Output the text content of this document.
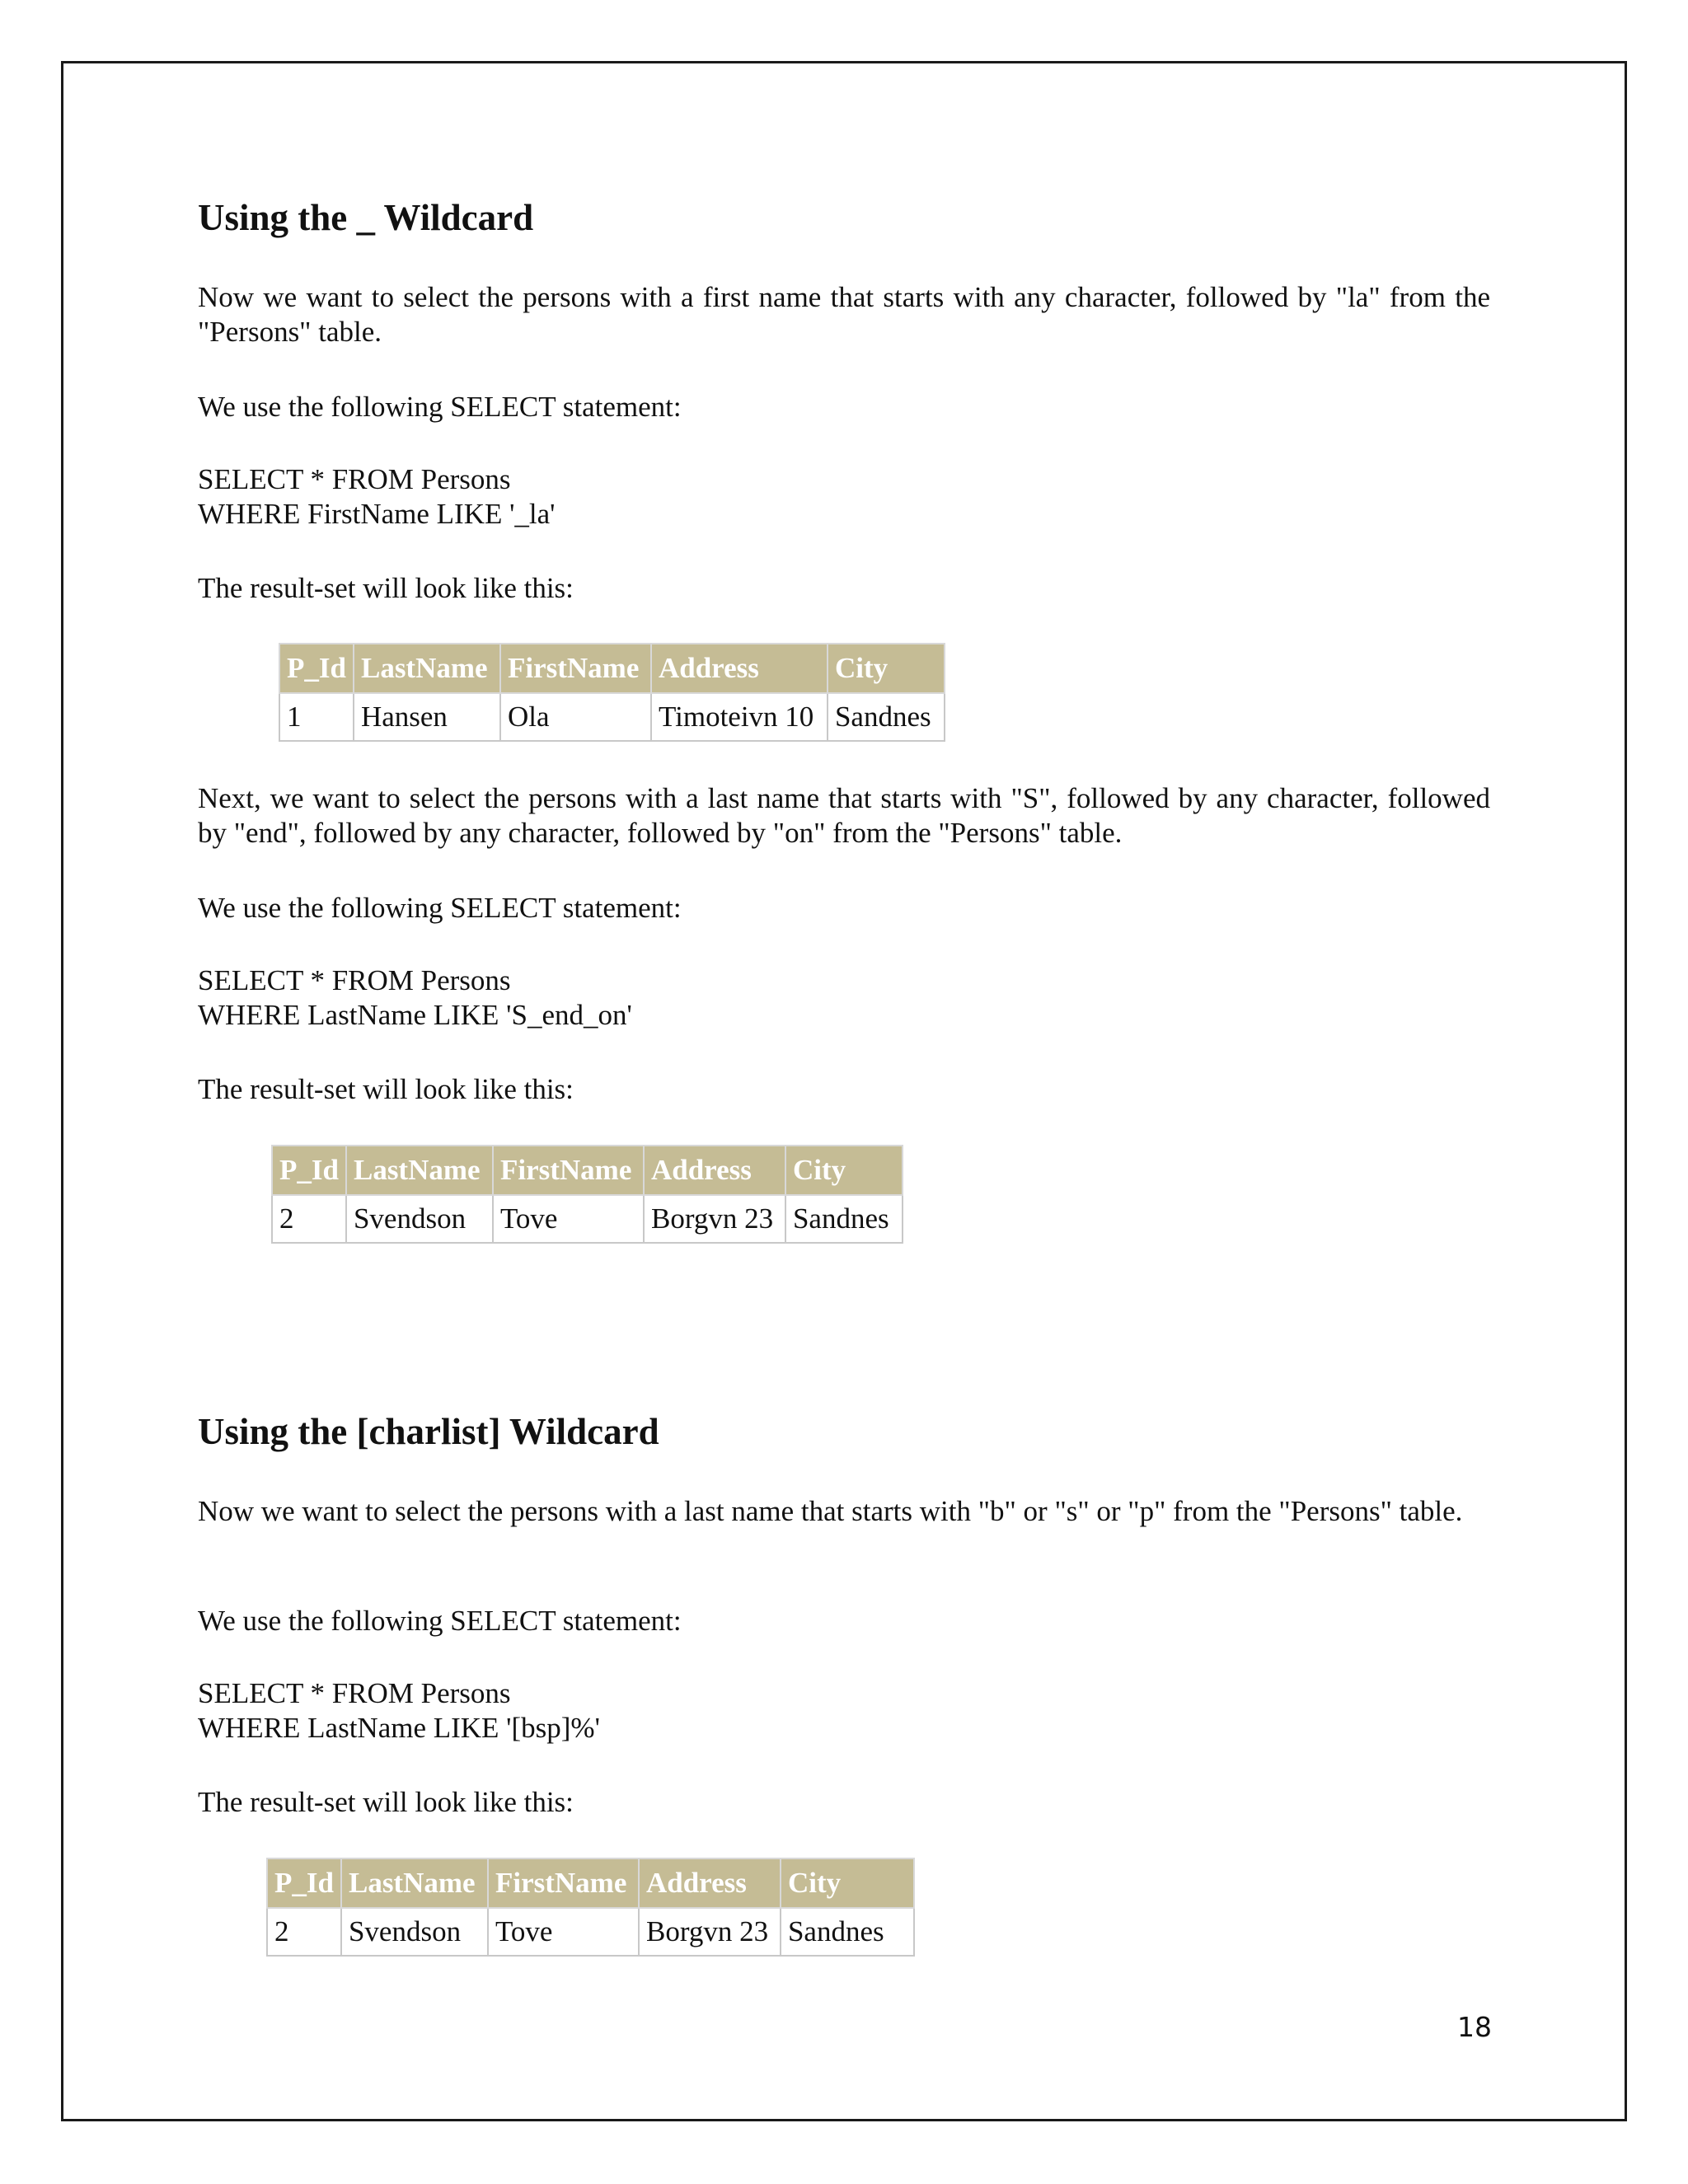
Using the _ Wildcard

Now we want to select the persons with a first name that starts with any character, followed by "la" from the "Persons" table.

We use the following SELECT statement:

SELECT * FROM Persons
WHERE FirstName LIKE '_la'

The result-set will look like this:

P_Id	LastName	FirstName	Address	City
1	Hansen	Ola	Timoteivn 10	Sandnes

Next, we want to select the persons with a last name that starts with "S", followed by any character, followed by "end", followed by any character, followed by "on" from the "Persons" table.

We use the following SELECT statement:

SELECT * FROM Persons
WHERE LastName LIKE 'S_end_on'

The result-set will look like this:

P_Id	LastName	FirstName	Address	City
2	Svendson	Tove	Borgvn 23	Sandnes
Using the [charlist] Wildcard

Now we want to select the persons with a last name that starts with "b" or "s" or "p" from the "Persons" table.

We use the following SELECT statement:

SELECT * FROM Persons
WHERE LastName LIKE '[bsp]%'

The result-set will look like this:

P_Id	LastName	FirstName	Address	City
2	Svendson	Tove	Borgvn 23	Sandnes
18
